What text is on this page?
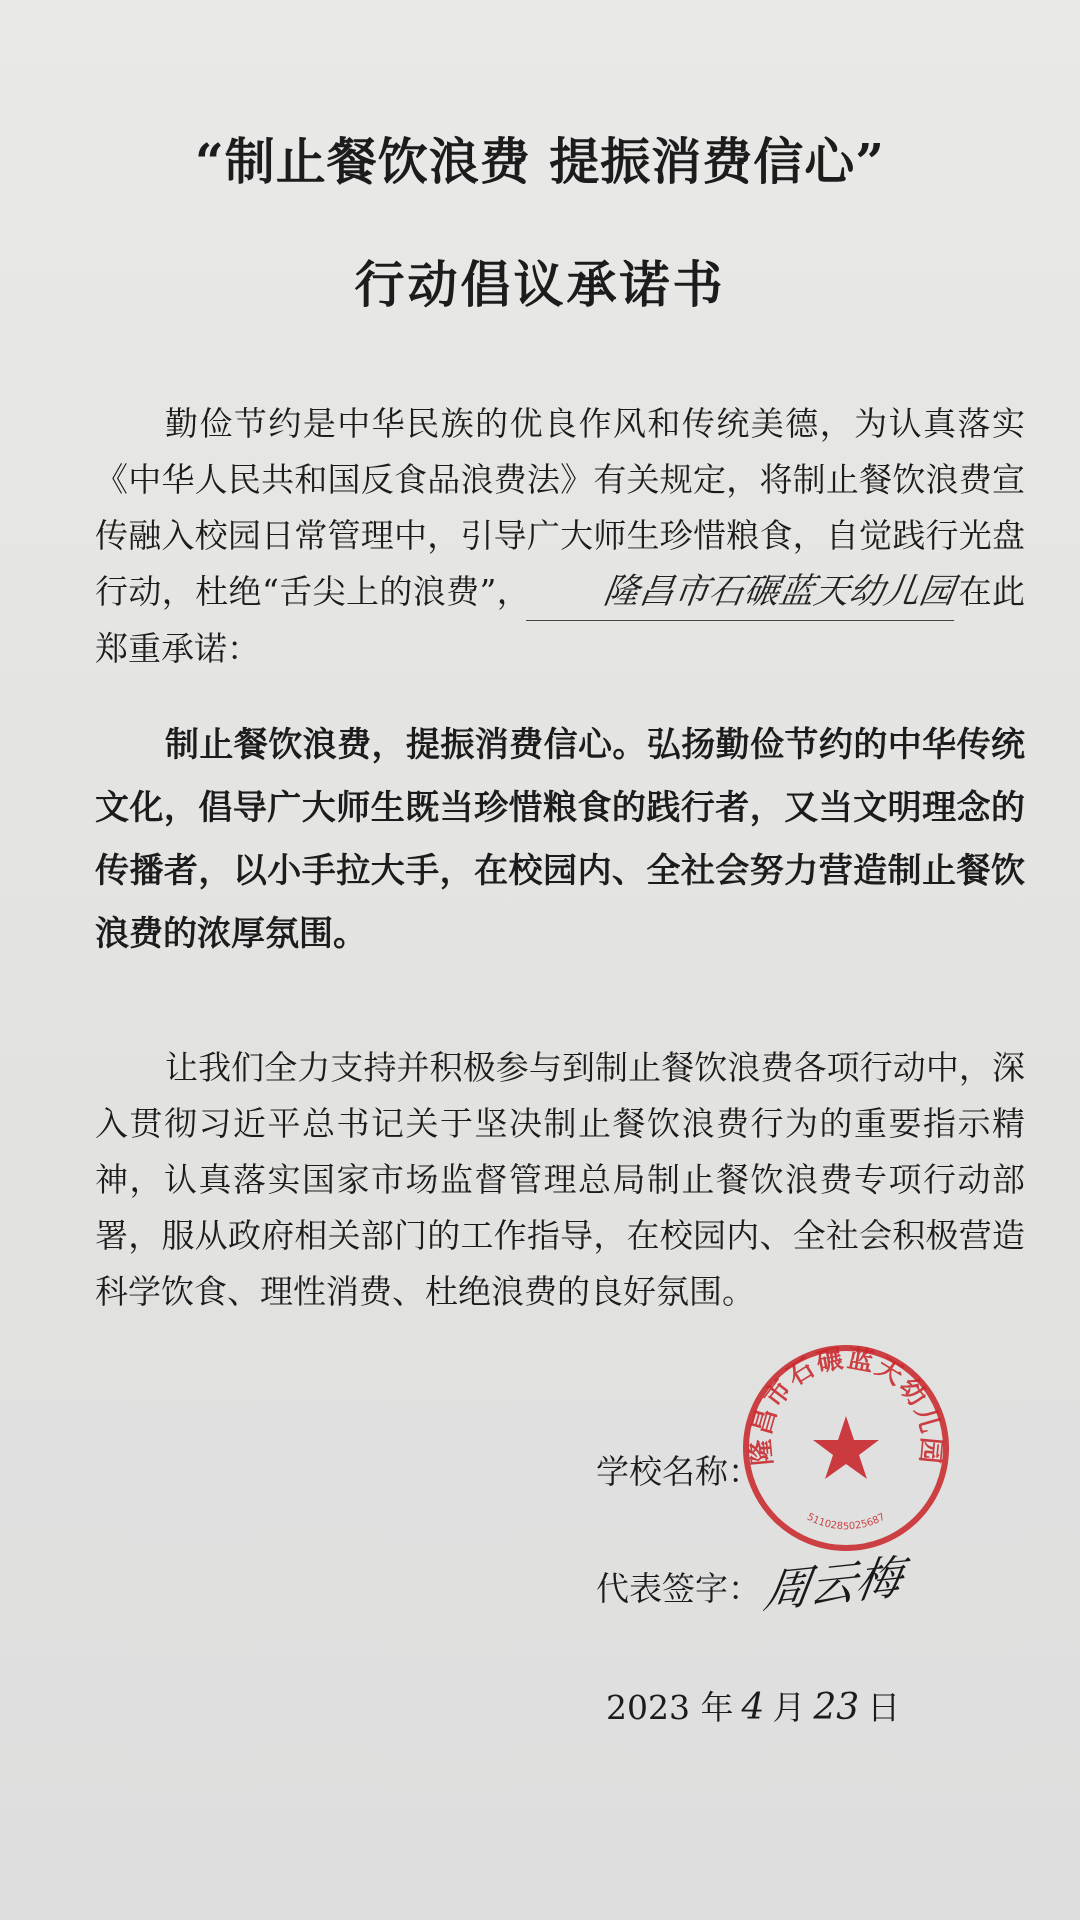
“制止餐饮浪费 提振消费信心”
行动倡议承诺书
勤俭节约是中华民族的优良作风和传统美德，为认真落实《中华人民共和国反食品浪费法》有关规定，将制止餐饮浪费宣传融入校园日常管理中，引导广大师生珍惜粮食，自觉践行光盘行动，杜绝“舌尖上的浪费”， 隆昌市石碾蓝天幼儿园在此郑重承诺：
制止餐饮浪费，提振消费信心。弘扬勤俭节约的中华传统文化，倡导广大师生既当珍惜粮食的践行者，又当文明理念的传播者，以小手拉大手，在校园内、全社会努力营造制止餐饮浪费的浓厚氛围。
让我们全力支持并积极参与到制止餐饮浪费各项行动中，深入贯彻习近平总书记关于坚决制止餐饮浪费行为的重要指示精神，认真落实国家市场监督管理总局制止餐饮浪费专项行动部署，服从政府相关部门的工作指导，在校园内、全社会积极营造科学饮食、理性消费、杜绝浪费的良好氛围。
隆昌市石碾蓝天幼儿园
5110285025687
学校名称：
代表签字： 周云梅
2023 年 4 月 23 日
